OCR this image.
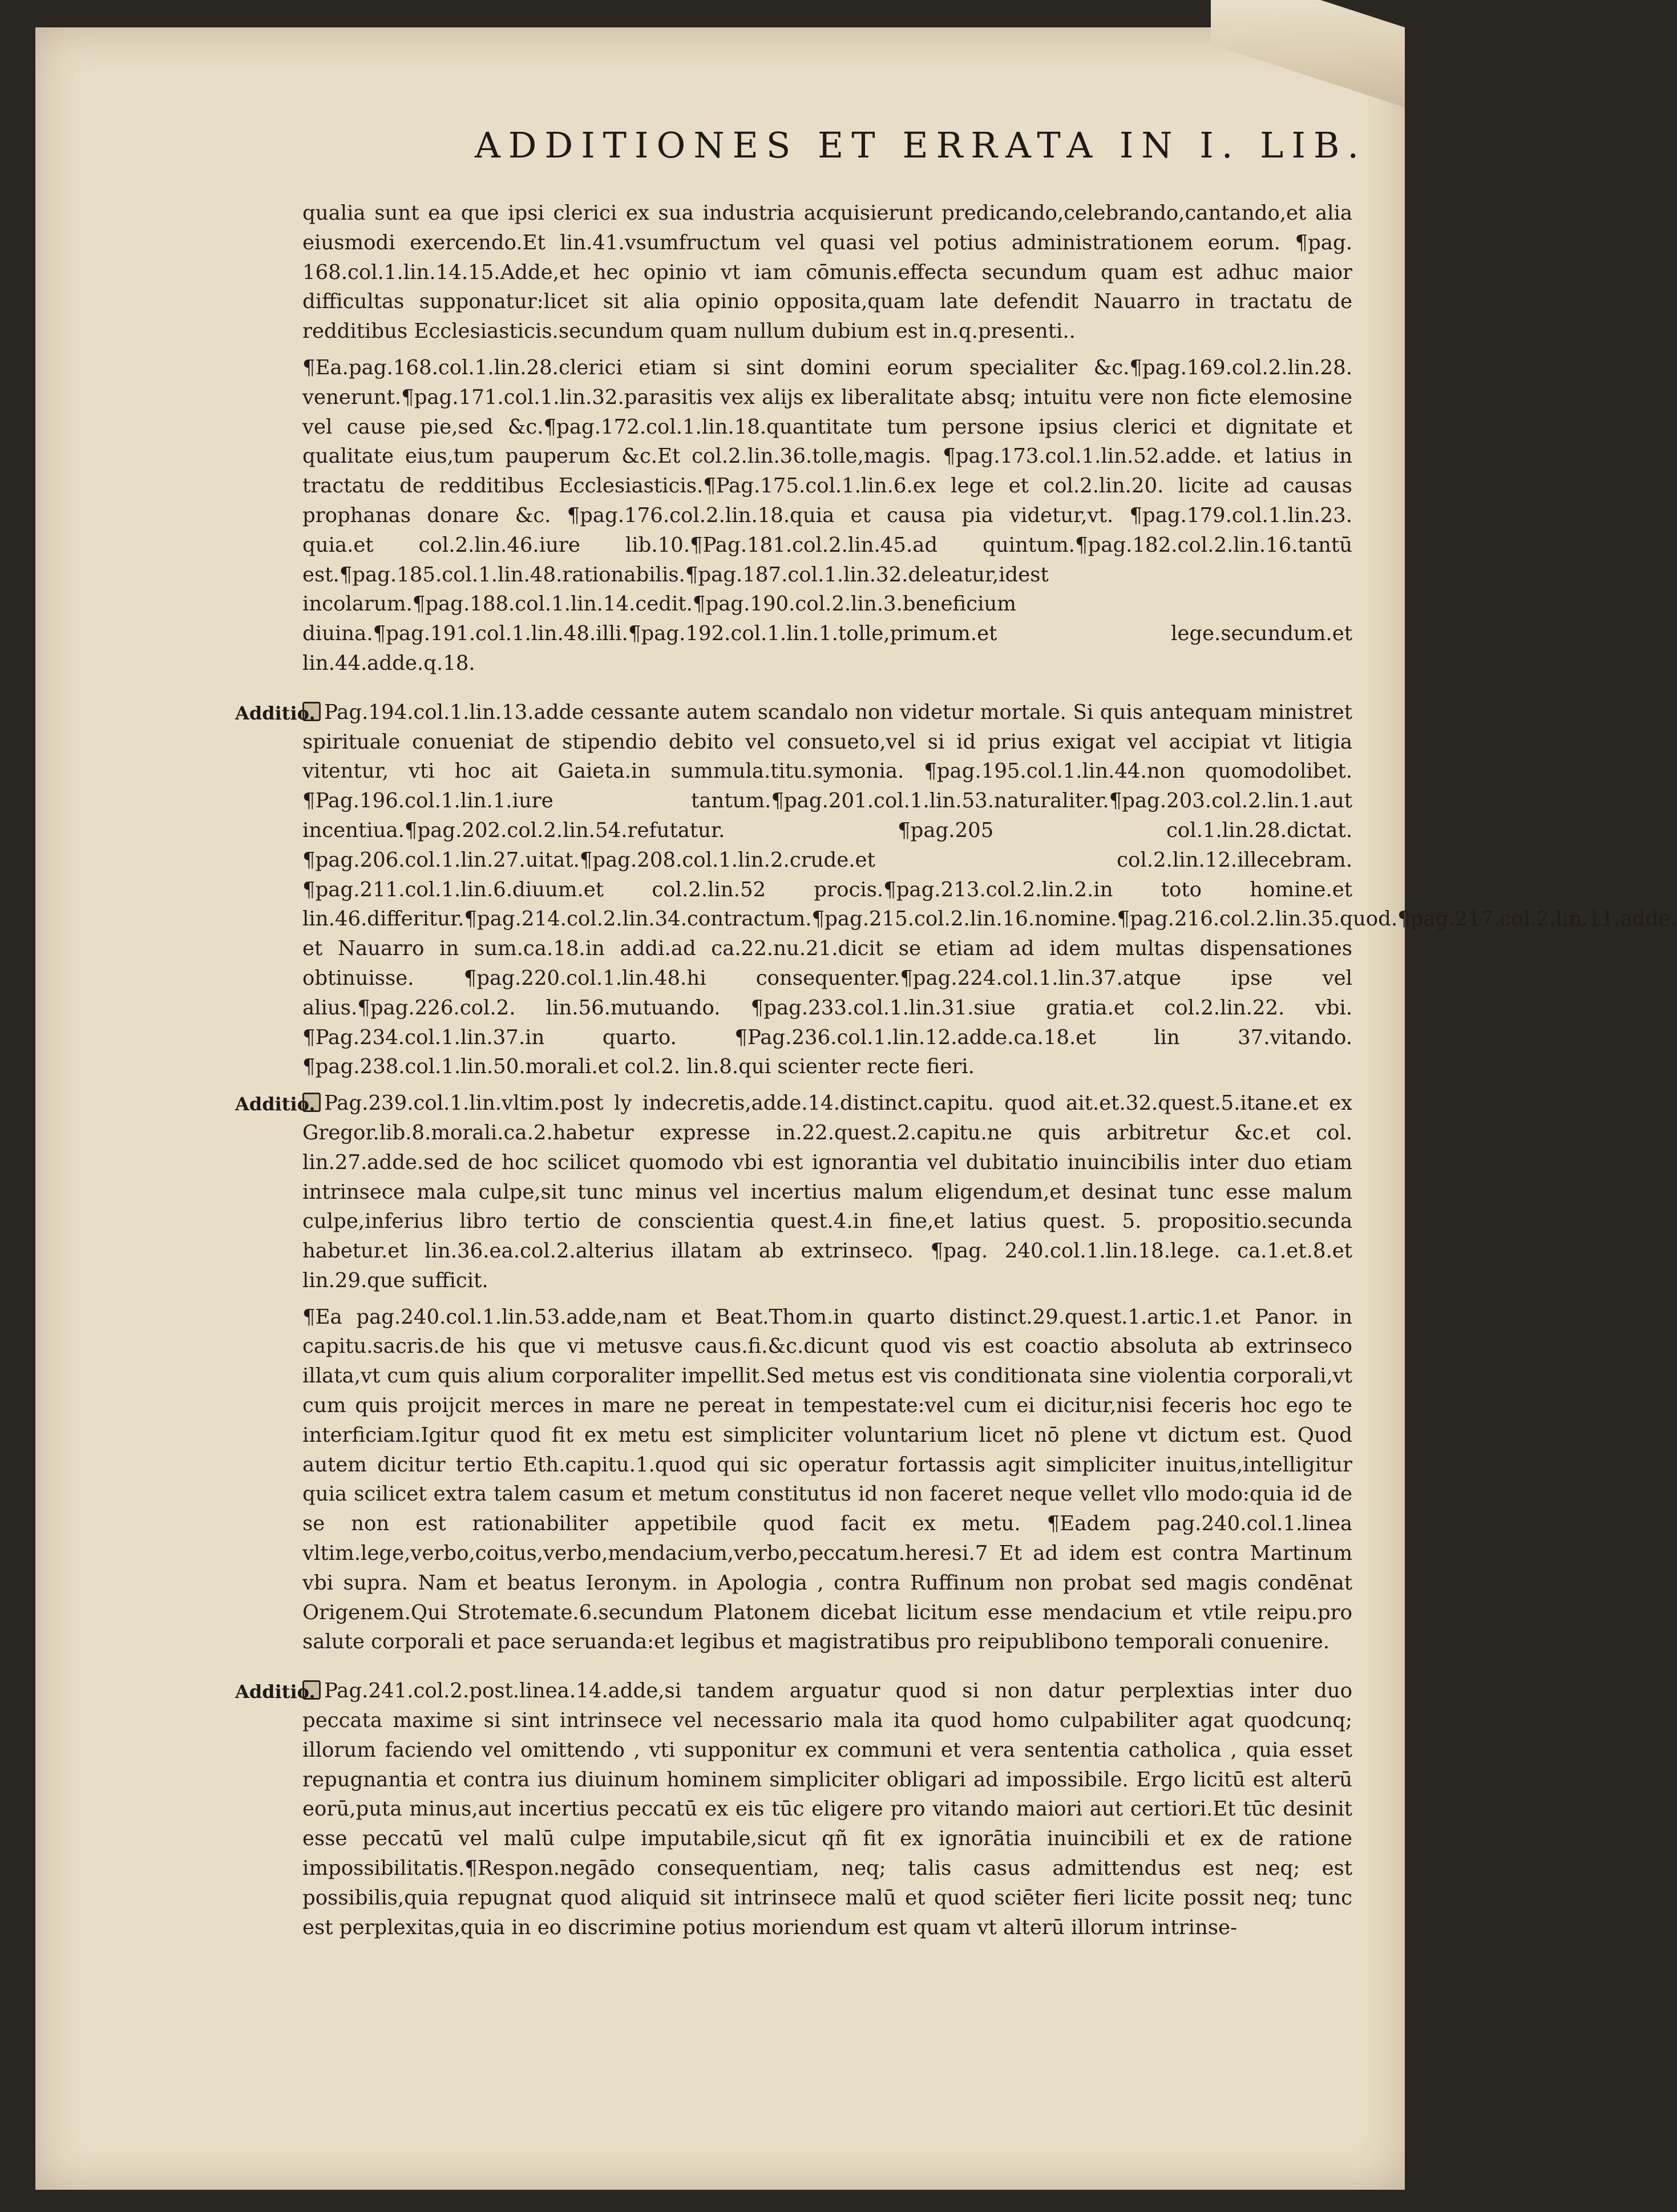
ADDITIONES ET ERRATA IN I. LIB.

qualia sunt ea que ipsi clerici ex sua industria acquisierunt predicando,celebrando,cantando,et alia eiusmodi exercendo.Et lin.41.vsumfructum vel quasi vel potius administrationem eorum. ¶pag. 168.col.1.lin.14.15.Adde,et hec opinio vt iam cōmunis.effecta secundum quam est adhuc maior difficultas supponatur:licet sit alia opinio opposita,quam late defendit Nauarro in tractatu de redditibus Ecclesiasticis.secundum quam nullum dubium est in.q.presenti..

¶Ea.pag.168.col.1.lin.28.clerici etiam si sint domini eorum specialiter &c.¶pag.169.col.2.lin.28. venerunt.¶pag.171.col.1.lin.32.parasitis vex alijs ex liberalitate absq; intuitu vere non ficte elemosine vel cause pie,sed &c.¶pag.172.col.1.lin.18.quantitate tum persone ipsius clerici et dignitate et qualitate eius,tum pauperum &c.Et col.2.lin.36.tolle,magis. ¶pag.173.col.1.lin.52.adde. et latius in tractatu de redditibus Ecclesiasticis.¶Pag.175.col.1.lin.6.ex lege et col.2.lin.20. licite ad causas prophanas donare &c. ¶pag.176.col.2.lin.18.quia et causa pia videtur,vt. ¶pag.179.col.1.lin.23. quia.et col.2.lin.46.iure lib.10.¶Pag.181.col.2.lin.45.ad quintum.¶pag.182.col.2.lin.16.tantū est.¶pag.185.col.1.lin.48.rationabilis.¶pag.187.col.1.lin.32.deleatur,idest incolarum.¶pag.188.col.1.lin.14.cedit.¶pag.190.col.2.lin.3.beneficium diuina.¶pag.191.col.1.lin.48.illi.¶pag.192.col.1.lin.1.tolle,primum.et lege.secundum.et lin.44.adde.q.18.

Additio. Pag.194.col.1.lin.13.adde cessante autem scandalo non videtur mortale. Si quis antequam ministret spirituale conueniat de stipendio debito vel consueto,vel si id prius exigat vel accipiat vt litigia vitentur, vti hoc ait Gaieta.in summula.titu.symonia. ¶pag.195.col.1.lin.44.non quomodolibet. ¶Pag.196.col.1.lin.1.iure tantum.¶pag.201.col.1.lin.53.naturaliter.¶pag.203.col.2.lin.1.aut incentiua.¶pag.202.col.2.lin.54.refutatur. ¶pag.205 col.1.lin.28.dictat. ¶pag.206.col.1.lin.27.uitat.¶pag.208.col.1.lin.2.crude.et col.2.lin.12.illecebram. ¶pag.211.col.1.lin.6.diuum.et col.2.lin.52 procis.¶pag.213.col.2.lin.2.in toto homine.et lin.46.differitur.¶pag.214.col.2.lin.34.contractum.¶pag.215.col.2.lin.16.nomine.¶pag.216.col.2.lin.35.quod.¶pag.217.col.2.lin.11.adde. et Nauarro in sum.ca.18.in addi.ad ca.22.nu.21.dicit se etiam ad idem multas dispensationes obtinuisse. ¶pag.220.col.1.lin.48.hi consequenter.¶pag.224.col.1.lin.37.atque ipse vel alius.¶pag.226.col.2. lin.56.mutuando. ¶pag.233.col.1.lin.31.siue gratia.et col.2.lin.22. vbi. ¶Pag.234.col.1.lin.37.in quarto. ¶Pag.236.col.1.lin.12.adde.ca.18.et lin 37.vitando. ¶pag.238.col.1.lin.50.morali.et col.2. lin.8.qui scienter recte fieri.

Additio. Pag.239.col.1.lin.vltim.post ly indecretis,adde.14.distinct.capitu. quod ait.et.32.quest.5.itane.et ex Gregor.lib.8.morali.ca.2.habetur expresse in.22.quest.2.capitu.ne quis arbitretur &c.et col. lin.27.adde.sed de hoc scilicet quomodo vbi est ignorantia vel dubitatio inuincibilis inter duo etiam intrinsece mala culpe,sit tunc minus vel incertius malum eligendum,et desinat tunc esse malum culpe,inferius libro tertio de conscientia quest.4.in fine,et latius quest. 5. propositio.secunda habetur.et lin.36.ea.col.2.alterius illatam ab extrinseco. ¶pag. 240.col.1.lin.18.lege. ca.1.et.8.et lin.29.que sufficit.

¶Ea pag.240.col.1.lin.53.adde,nam et Beat.Thom.in quarto distinct.29.quest.1.artic.1.et Panor. in capitu.sacris.de his que vi metusve caus.fi.&c.dicunt quod vis est coactio absoluta ab extrinseco illata,vt cum quis alium corporaliter impellit.Sed metus est vis conditionata sine violentia corporali,vt cum quis proijcit merces in mare ne pereat in tempestate:vel cum ei dicitur,nisi feceris hoc ego te interficiam.Igitur quod fit ex metu est simpliciter voluntarium licet nō plene vt dictum est. Quod autem dicitur tertio Eth.capitu.1.quod qui sic operatur fortassis agit simpliciter inuitus,intelligitur quia scilicet extra talem casum et metum constitutus id non faceret neque vellet vllo modo:quia id de se non est rationabiliter appetibile quod facit ex metu. ¶Eadem pag.240.col.1.linea vltim.lege,verbo,coitus,verbo,mendacium,verbo,peccatum.heresi.7 Et ad idem est contra Martinum vbi supra. Nam et beatus Ieronym. in Apologia , contra Ruffinum non probat sed magis condēnat Origenem.Qui Strotemate.6.secundum Platonem dicebat licitum esse mendacium et vtile reipu.pro salute corporali et pace seruanda:et legibus et magistratibus pro reipublibono temporali conuenire.

Additio. Pag.241.col.2.post.linea.14.adde,si tandem arguatur quod si non datur perplextias inter duo peccata maxime si sint intrinsece vel necessario mala ita quod homo culpabiliter agat quodcunq; illorum faciendo vel omittendo , vti supponitur ex communi et vera sententia catholica , quia esset repugnantia et contra ius diuinum hominem simpliciter obligari ad impossibile. Ergo licitū est alterū eorū,puta minus,aut incertius peccatū ex eis tūc eligere pro vitando maiori aut certiori.Et tūc desinit esse peccatū vel malū culpe imputabile,sicut qñ fit ex ignorātia inuincibili et ex de ratione impossibilitatis.¶Respon.negādo consequentiam, neq; talis casus admittendus est neq; est possibilis,quia repugnat quod aliquid sit intrinsece malū et quod sciēter fieri licite possit neq; tunc est perplexitas,quia in eo discrimine potius moriendum est quam vt alterū illorum intrinse-
